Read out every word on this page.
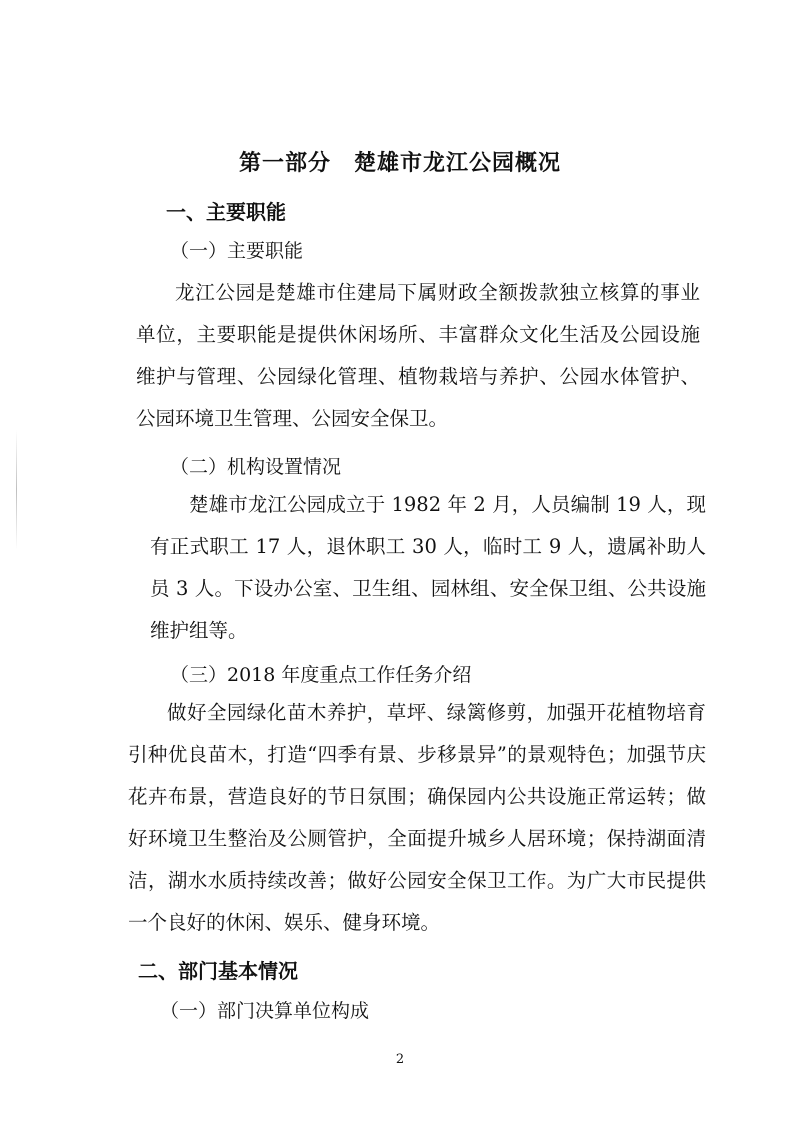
第一部分　楚雄市龙江公园概况
一、主要职能
（一）主要职能
龙江公园是楚雄市住建局下属财政全额拨款独立核算的事业单位，主要职能是提供休闲场所、丰富群众文化生活及公园设施维护与管理、公园绿化管理、植物栽培与养护、公园水体管护、公园环境卫生管理、公园安全保卫。
（二）机构设置情况
楚雄市龙江公园成立于 1982 年 2 月，人员编制 19 人，现有正式职工 17 人，退休职工 30 人，临时工 9 人，遗属补助人员 3 人。下设办公室、卫生组、园林组、安全保卫组、公共设施维护组等。
（三）2018 年度重点工作任务介绍
做好全园绿化苗木养护，草坪、绿篱修剪，加强开花植物培育引种优良苗木，打造“四季有景、步移景异”的景观特色；加强节庆花卉布景，营造良好的节日氛围；确保园内公共设施正常运转；做好环境卫生整治及公厕管护，全面提升城乡人居环境；保持湖面清洁，湖水水质持续改善；做好公园安全保卫工作。为广大市民提供一个良好的休闲、娱乐、健身环境。
二、部门基本情况
（一）部门决算单位构成
2
